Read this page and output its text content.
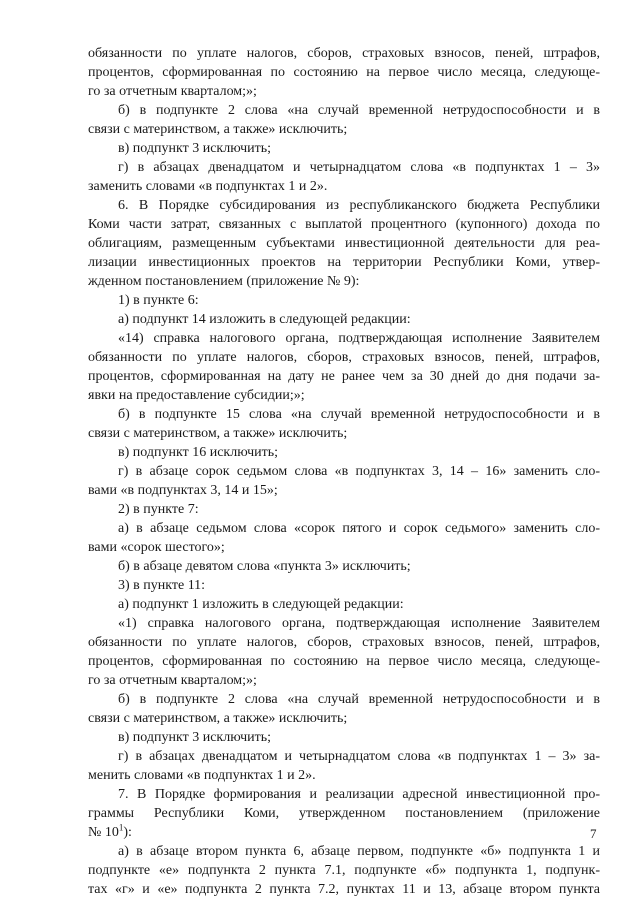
обязанности по уплате налогов, сборов, страховых взносов, пеней, штрафов,

процентов, сформированная по состоянию на первое число месяца, следующе-

го за отчетным кварталом;»;

б) в подпункте 2 слова «на случай временной нетрудоспособности и в

связи с материнством, а также» исключить;

в) подпункт 3 исключить;

г) в абзацах двенадцатом и четырнадцатом слова «в подпунктах 1 – 3»

заменить словами «в подпунктах 1 и 2».

6. В Порядке субсидирования из республиканского бюджета Республики

Коми части затрат, связанных с выплатой процентного (купонного) дохода по

облигациям, размещенным субъектами инвестиционной деятельности для реа-

лизации инвестиционных проектов на территории Республики Коми, утвер-

жденном постановлением (приложение № 9):

1) в пункте 6:

а) подпункт 14 изложить в следующей редакции:

«14) справка налогового органа, подтверждающая исполнение Заявителем

обязанности по уплате налогов, сборов, страховых взносов, пеней, штрафов,

процентов, сформированная на дату не ранее чем за 30 дней до дня подачи за-

явки на предоставление субсидии;»;

б) в подпункте 15 слова «на случай временной нетрудоспособности и в

связи с материнством, а также» исключить;

в) подпункт 16 исключить;

г) в абзаце сорок седьмом слова «в подпунктах 3, 14 – 16» заменить сло-

вами «в подпунктах 3, 14 и 15»;

2) в пункте 7:

а) в абзаце седьмом слова «сорок пятого и сорок седьмого» заменить сло-

вами «сорок шестого»;

б) в абзаце девятом слова «пункта 3» исключить;

3) в пункте 11:

а) подпункт 1 изложить в следующей редакции:

«1) справка налогового органа, подтверждающая исполнение Заявителем

обязанности по уплате налогов, сборов, страховых взносов, пеней, штрафов,

процентов, сформированная по состоянию на первое число месяца, следующе-

го за отчетным кварталом;»;

б) в подпункте 2 слова «на случай временной нетрудоспособности и в

связи с материнством, а также» исключить;

в) подпункт 3 исключить;

г) в абзацах двенадцатом и четырнадцатом слова «в подпунктах 1 – 3» за-

менить словами «в подпунктах 1 и 2».

7. В Порядке формирования и реализации адресной инвестиционной про-

граммы Республики Коми, утвержденном постановлением (приложение

№ $10^1$):

а) в абзаце втором пункта 6, абзаце первом, подпункте «б» подпункта 1 и

подпункте «е» подпункта 2 пункта 7.1, подпункте «б» подпункта 1, подпунк-

тах «г» и «е» подпункта 2 пункта 7.2, пунктах 11 и 13, абзаце втором пункта

7
